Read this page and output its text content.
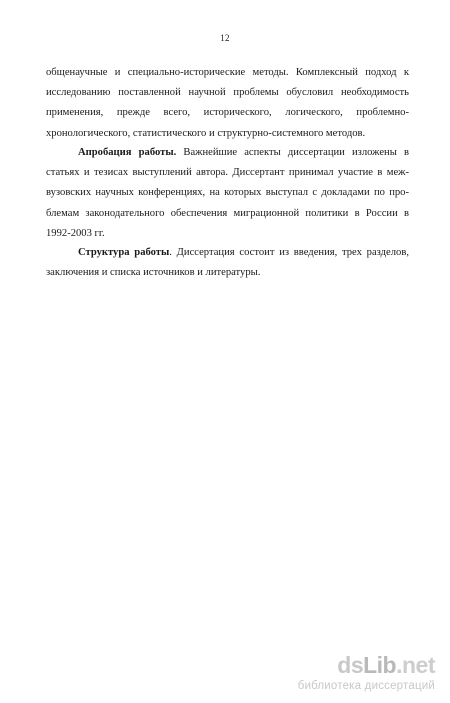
12
общенаучные и специально-исторические методы. Комплексный подход к
исследованию поставленной научной проблемы обусловил необходимость
применения, прежде всего, исторического, логического, проблемно-
хронологического, статистического и структурно-системного методов.
Апробация работы. Важнейшие аспекты диссертации изложены в
статьях и тезисах выступлений автора. Диссертант принимал участие в меж-
вузовских научных конференциях, на которых выступал с докладами по про-
блемам законодательного обеспечения миграционной политики в России в
1992-2003 гг.
Структура работы. Диссертация состоит из введения, трех разделов,
заключения и списка источников и литературы.
dsLib.net
библиотека диссертаций
